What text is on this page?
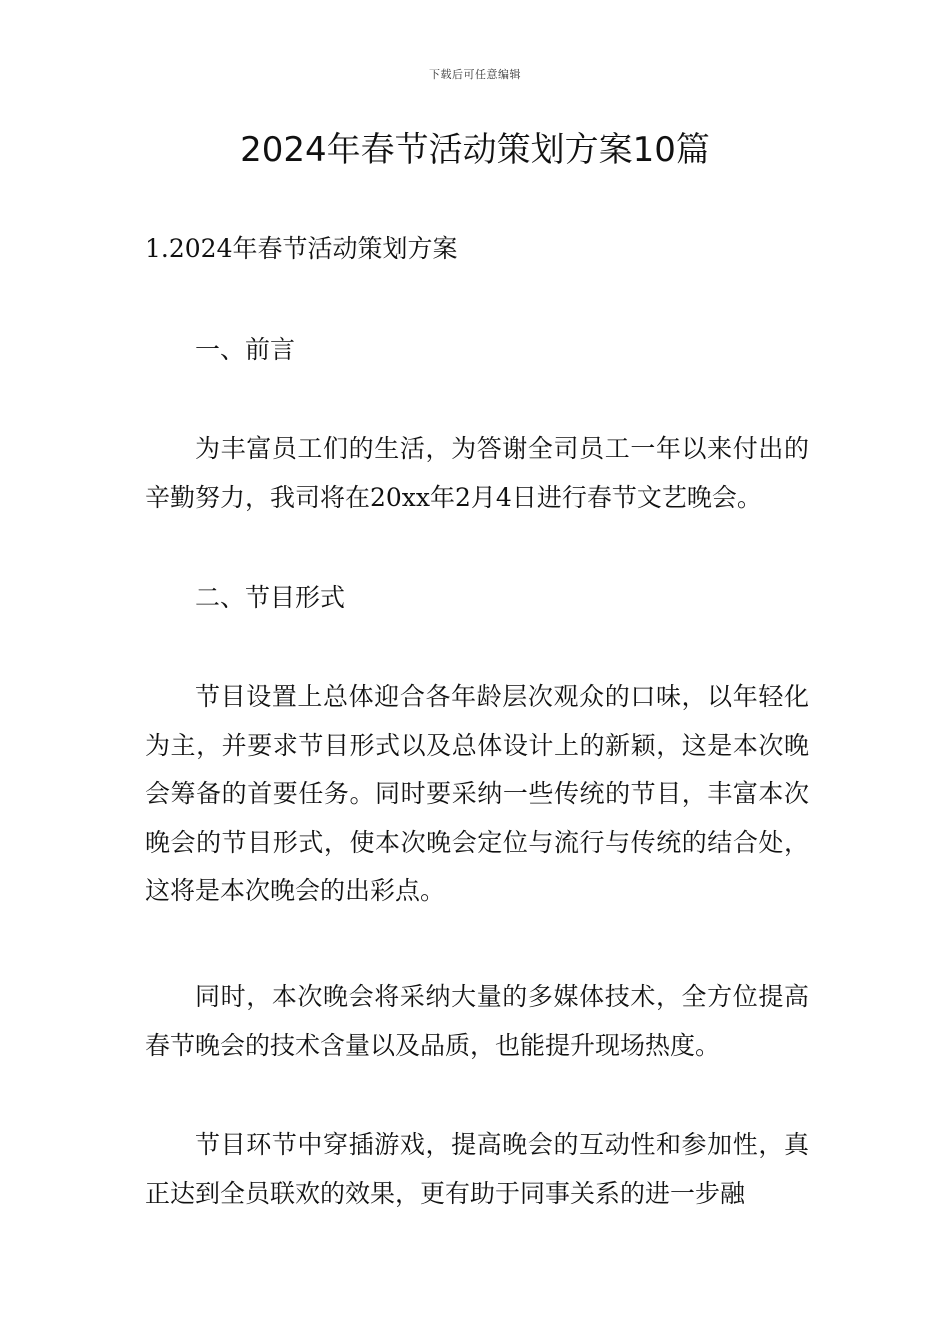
下载后可任意编辑
2024年春节活动策划方案10篇

1.2024年春节活动策划方案

一、前言

为丰富员工们的生活，为答谢全司员工一年以来付出的辛勤努力，我司将在20xx年2月4日进行春节文艺晚会。

二、节目形式

节目设置上总体迎合各年龄层次观众的口味，以年轻化为主，并要求节目形式以及总体设计上的新颖，这是本次晚会筹备的首要任务。同时要采纳一些传统的节目，丰富本次晚会的节目形式，使本次晚会定位与流行与传统的结合处，这将是本次晚会的出彩点。

同时，本次晚会将采纳大量的多媒体技术，全方位提高春节晚会的技术含量以及品质，也能提升现场热度。

节目环节中穿插游戏，提高晚会的互动性和参加性，真正达到全员联欢的效果，更有助于同事关系的进一步融
